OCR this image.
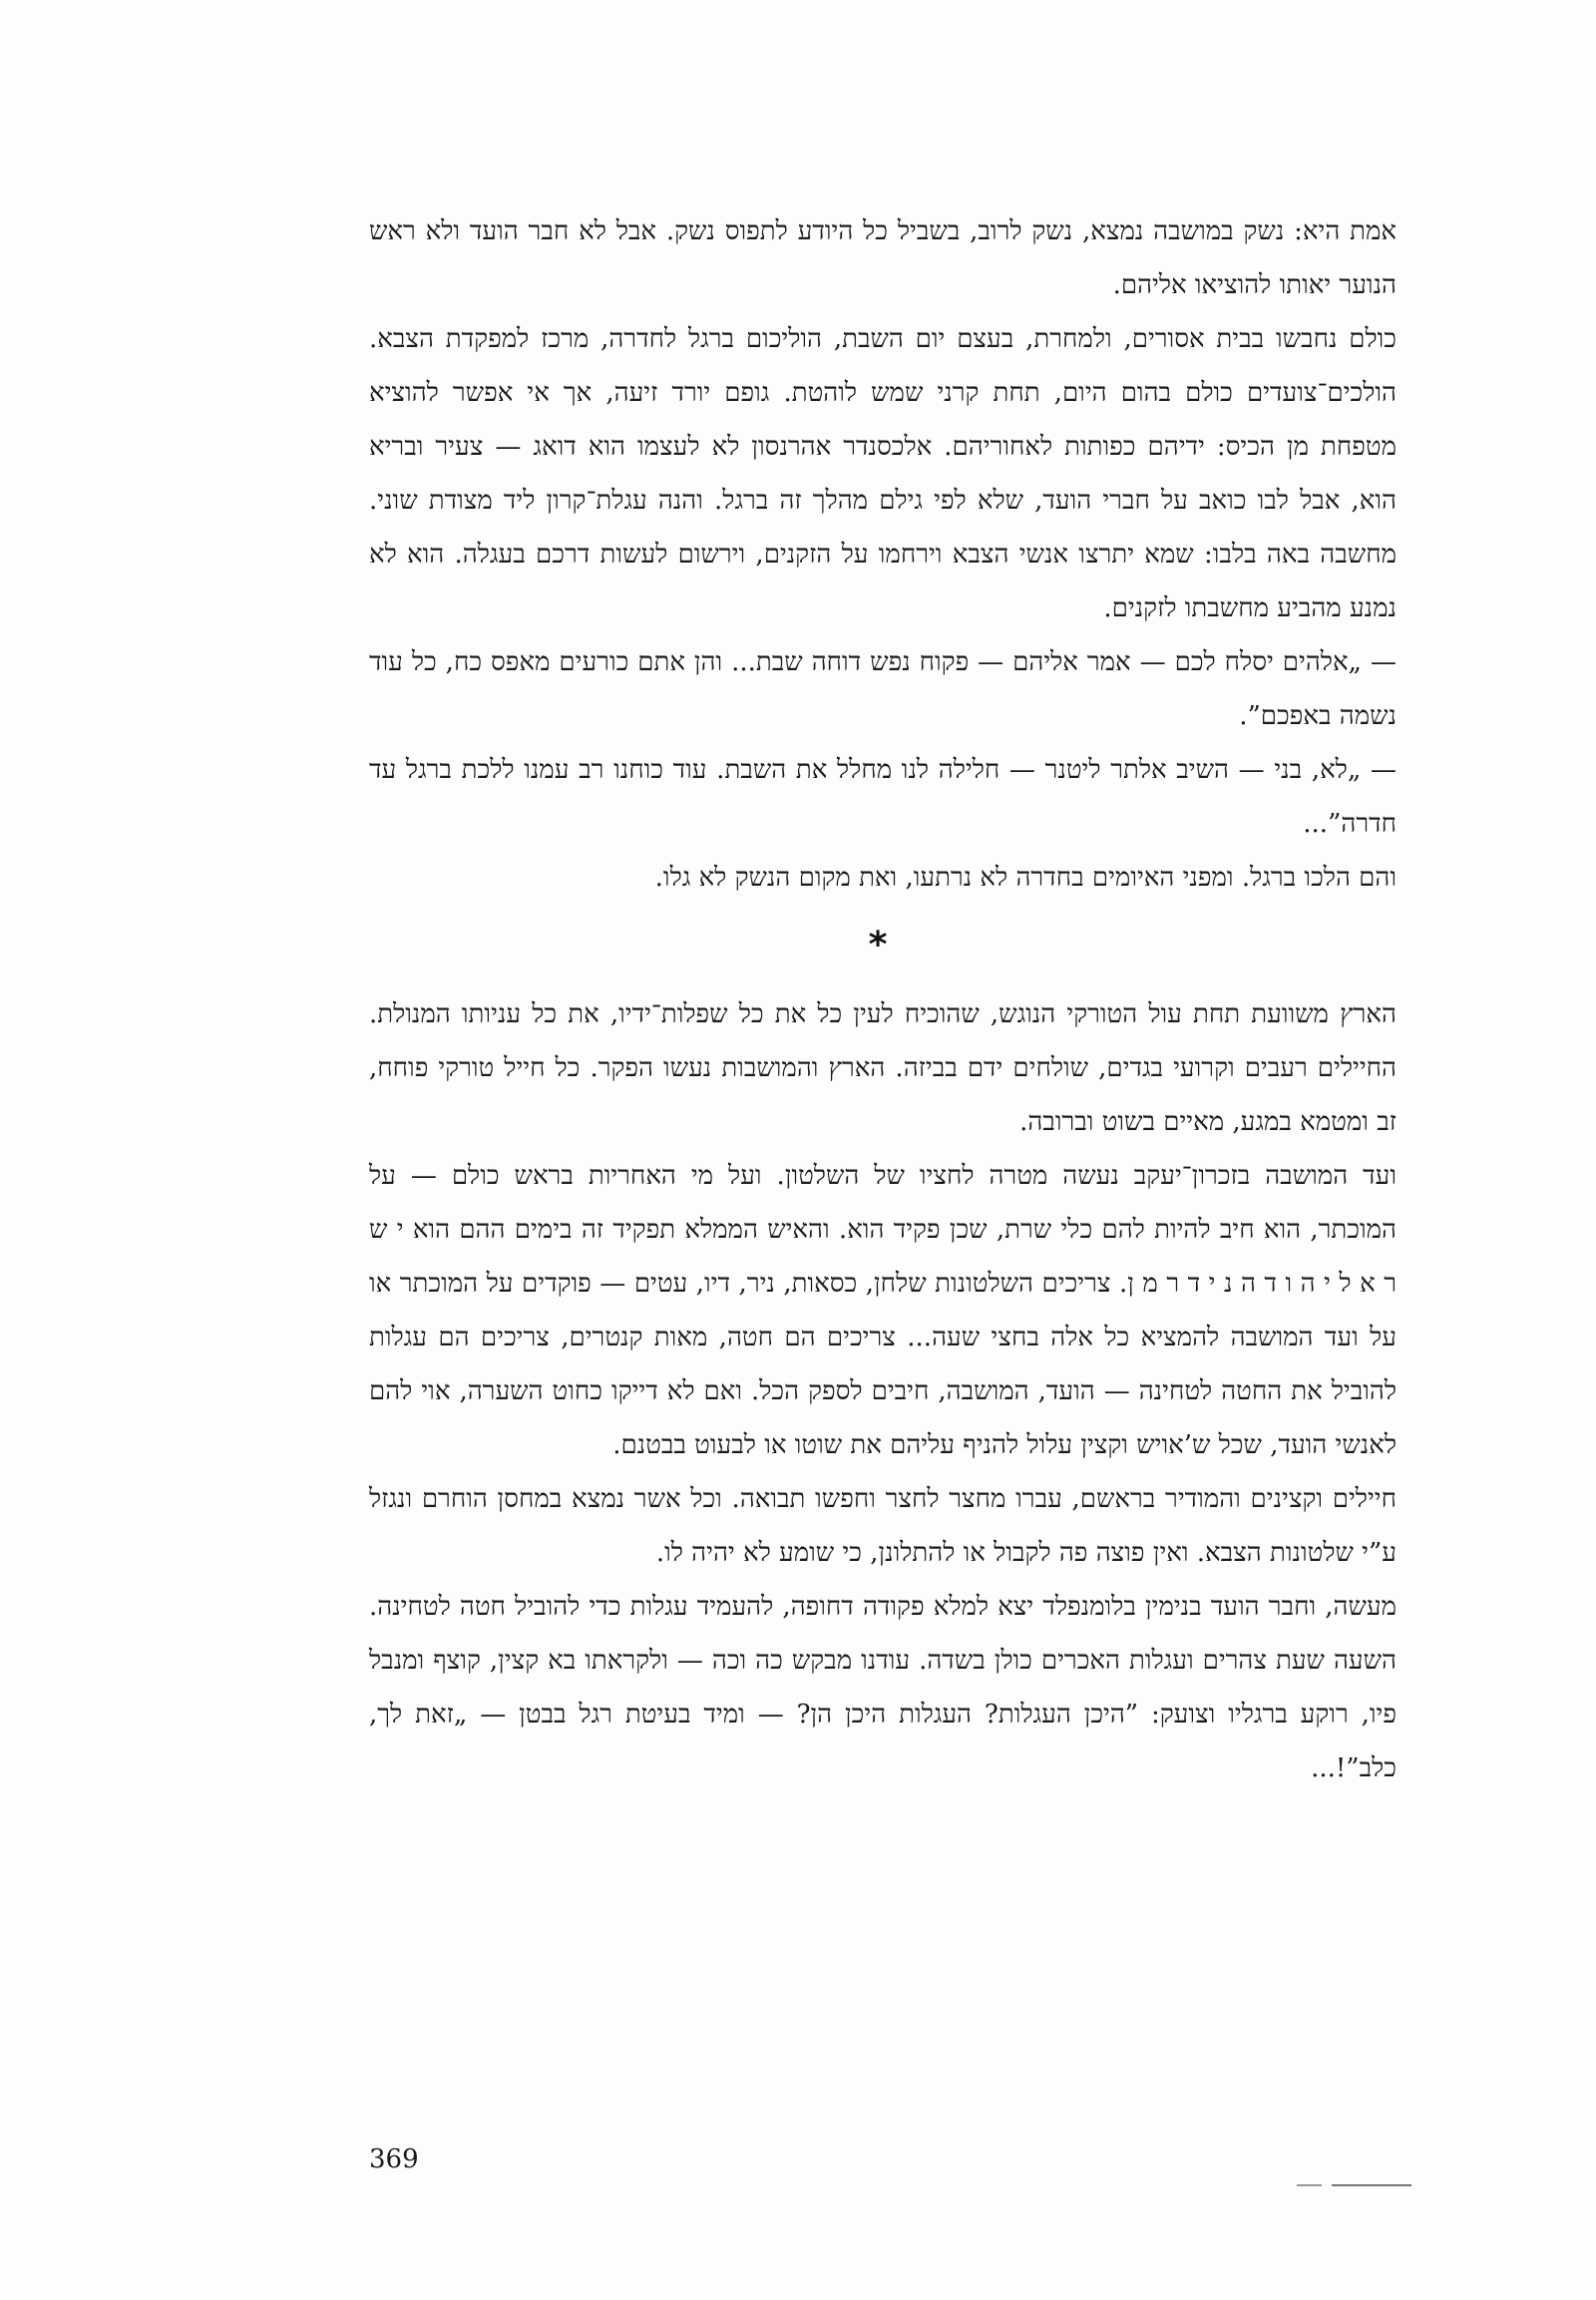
אמת היא: נשק במושבה נמצא, נשק לרוב, בשביל כל היודע לתפוס נשק. אבל לא חבר הועד ולא ראש הנוער יאותו להוציאו אליהם.

כולם נחבשו בבית אסורים, ולמחרת, בעצם יום השבת, הוליכום ברגל לחדרה, מרכז למפקדת הצבא. הולכים־צועדים כולם בהום היום, תחת קרני שמש לוהטת. גופם יורד זיעה, אך אי אפשר להוציא מטפחת מן הכיס: ידיהם כפותות לאחוריהם. אלכסנדר אהרנסון לא לעצמו הוא דואג — צעיר ובריא הוא, אבל לבו כואב על חברי הועד, שלא לפי גילם מהלך זה ברגל. והנה עגלת־קרון ליד מצודת שוני. מחשבה באה בלבו: שמא יתרצו אנשי הצבא וירחמו על הזקנים, וירשום לעשות דרכם בעגלה. הוא לא נמנע מהביע מחשבתו לזקנים.

— „אלהים יסלח לכם — אמר אליהם — פקוח נפש דוחה שבת... והן אתם כורעים מאפס כח, כל עוד נשמה באפכם”.

— „לא, בני — השיב אלתר ליטנר — חלילה לנו מחלל את השבת. עוד כוחנו רב עמנו ללכת ברגל עד חדרה”...

והם הלכו ברגל. ומפני האיומים בחדרה לא נרתעו, ואת מקום הנשק לא גלו.

*

הארץ משוועת תחת עול הטורקי הנוגש, שהוכיח לעין כל את כל שפלות־ידיו, את כל עניותו המנולת. החיילים רעבים וקרועי בגדים, שולחים ידם בביזה. הארץ והמושבות נעשו הפקר. כל חייל טורקי פוחח, זב ומטמא במגע, מאיים בשוט וברובה.

ועד המושבה בזכרון־יעקב נעשה מטרה לחציו של השלטון. ועל מי האחריות בראש כולם — על המוכתר, הוא חיב להיות להם כלי שרת, שכן פקיד הוא. והאיש הממלא תפקיד זה בימים ההם הוא י ש ר א ל י ה ו ד ה נ י ד ר מ ן. צריכים השלטונות שלחן, כסאות, ניר, דיו, עטים — פוקדים על המוכתר או על ועד המושבה להמציא כל אלה בחצי שעה... צריכים הם חטה, מאות קנטרים, צריכים הם עגלות להוביל את החטה לטחינה — הועד, המושבה, חיבים לספק הכל. ואם לא דייקו כחוט השערה, אוי להם לאנשי הועד, שכל ש’אויש וקצין עלול להניף עליהם את שוטו או לבעוט בבטנם.

חיילים וקצינים והמודיר בראשם, עברו מחצר לחצר וחפשו תבואה. וכל אשר נמצא במחסן הוחרם ונגזל ע”י שלטונות הצבא. ואין פוצה פה לקבול או להתלונן, כי שומע לא יהיה לו.

מעשה, וחבר הועד בנימין בלומנפלד יצא למלא פקודה דחופה, להעמיד עגלות כדי להוביל חטה לטחינה. השעה שעת צהרים ועגלות האכרים כולן בשדה. עודנו מבקש כה וכה — ולקראתו בא קצין, קוצף ומנבל פיו, רוקע ברגליו וצועק: ”היכן העגלות? העגלות היכן הן? — ומיד בעיטת רגל בבטן — „זאת לך, כלב”!...

369
